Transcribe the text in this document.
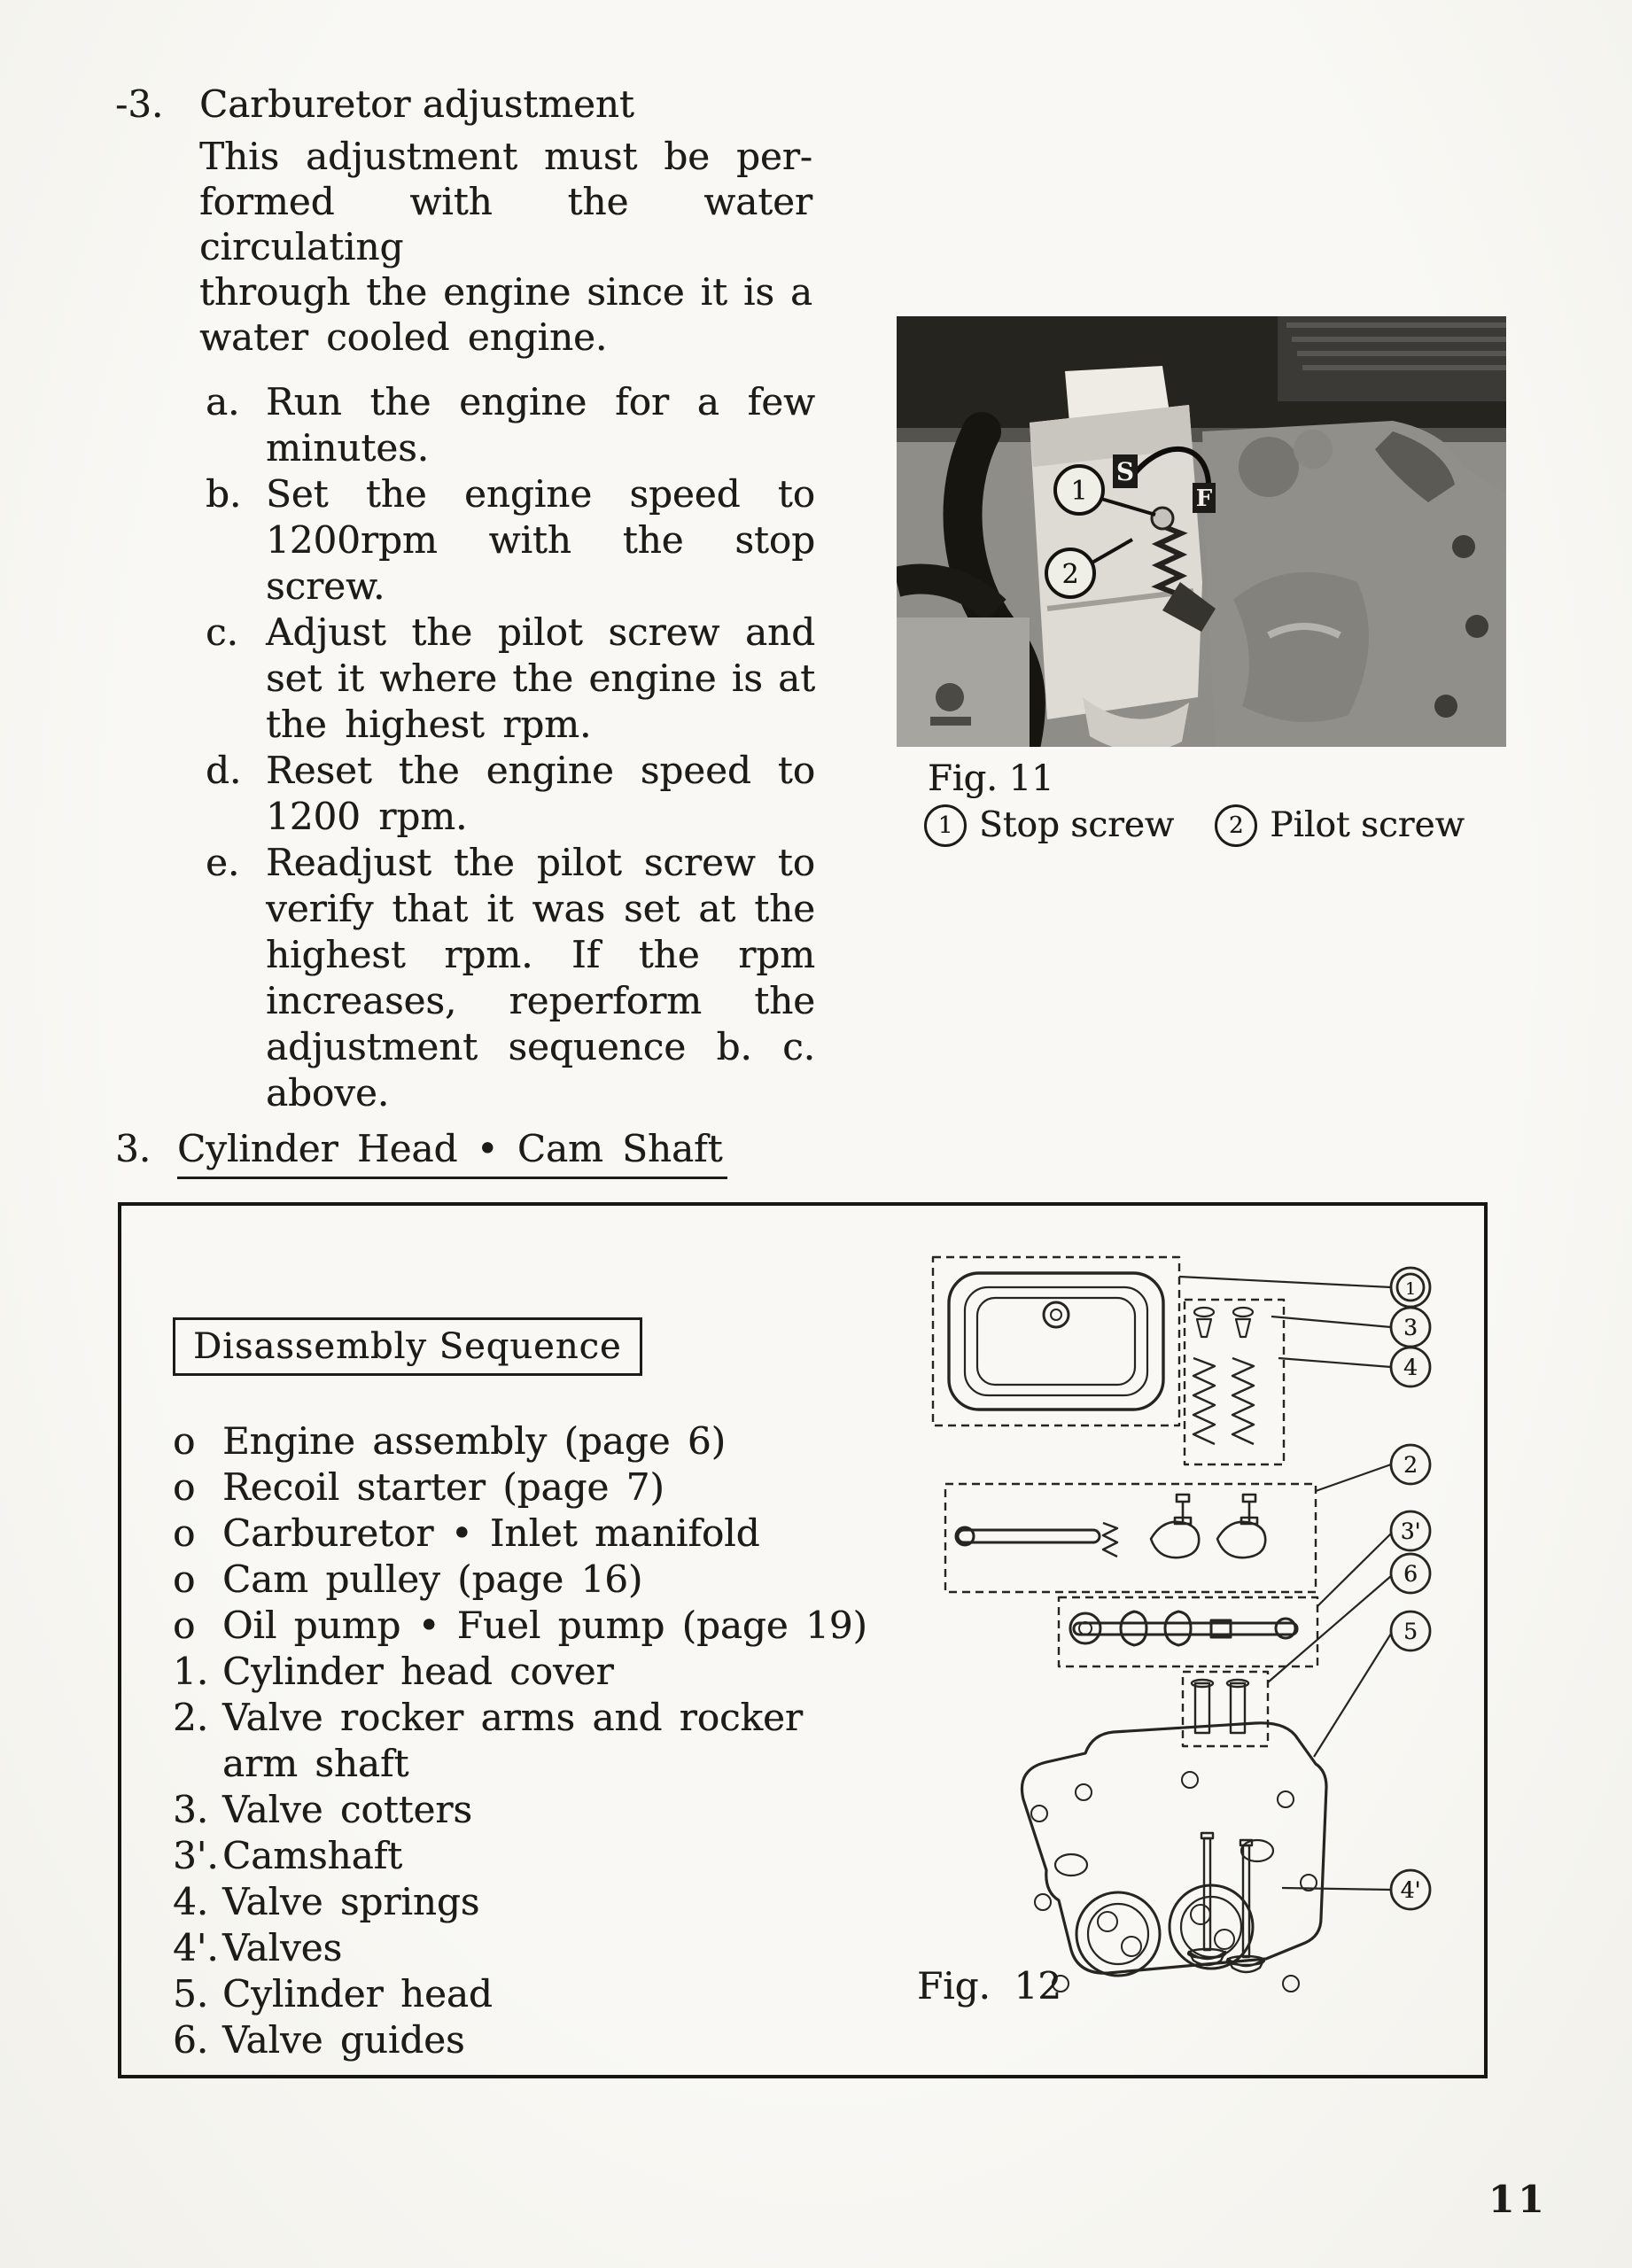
-3. Carburetor adjustment
This adjustment must be per-
formed with the water circulating
through the engine since it is a
water cooled engine.
a. Run the engine for a few
minutes.
b. Set the engine speed to
1200rpm with the stop screw.
c. Adjust the pilot screw and
set it where the engine is at
the highest rpm.
d. Reset the engine speed to
1200 rpm.
e. Readjust the pilot screw to
verify that it was set at the
highest rpm. If the rpm
increases, reperform the
adjustment sequence b. c.
above.
S
F
1
2
Fig. 11
1 Stop screw	2 Pilot screw
3. Cylinder Head • Cam Shaft
Disassembly Sequence
o Engine assembly (page 6)
o Recoil starter (page 7)
o Carburetor • Inlet manifold
o Cam pulley (page 16)
o Oil pump • Fuel pump (page 19)
1. Cylinder head cover
2. Valve rocker arms and rocker
arm shaft
3. Valve cotters
3'. Camshaft
4. Valve springs
4'. Valves
5. Cylinder head
6. Valve guides
1
3
4
2
3'
6
5
4'
Fig.  12
11
